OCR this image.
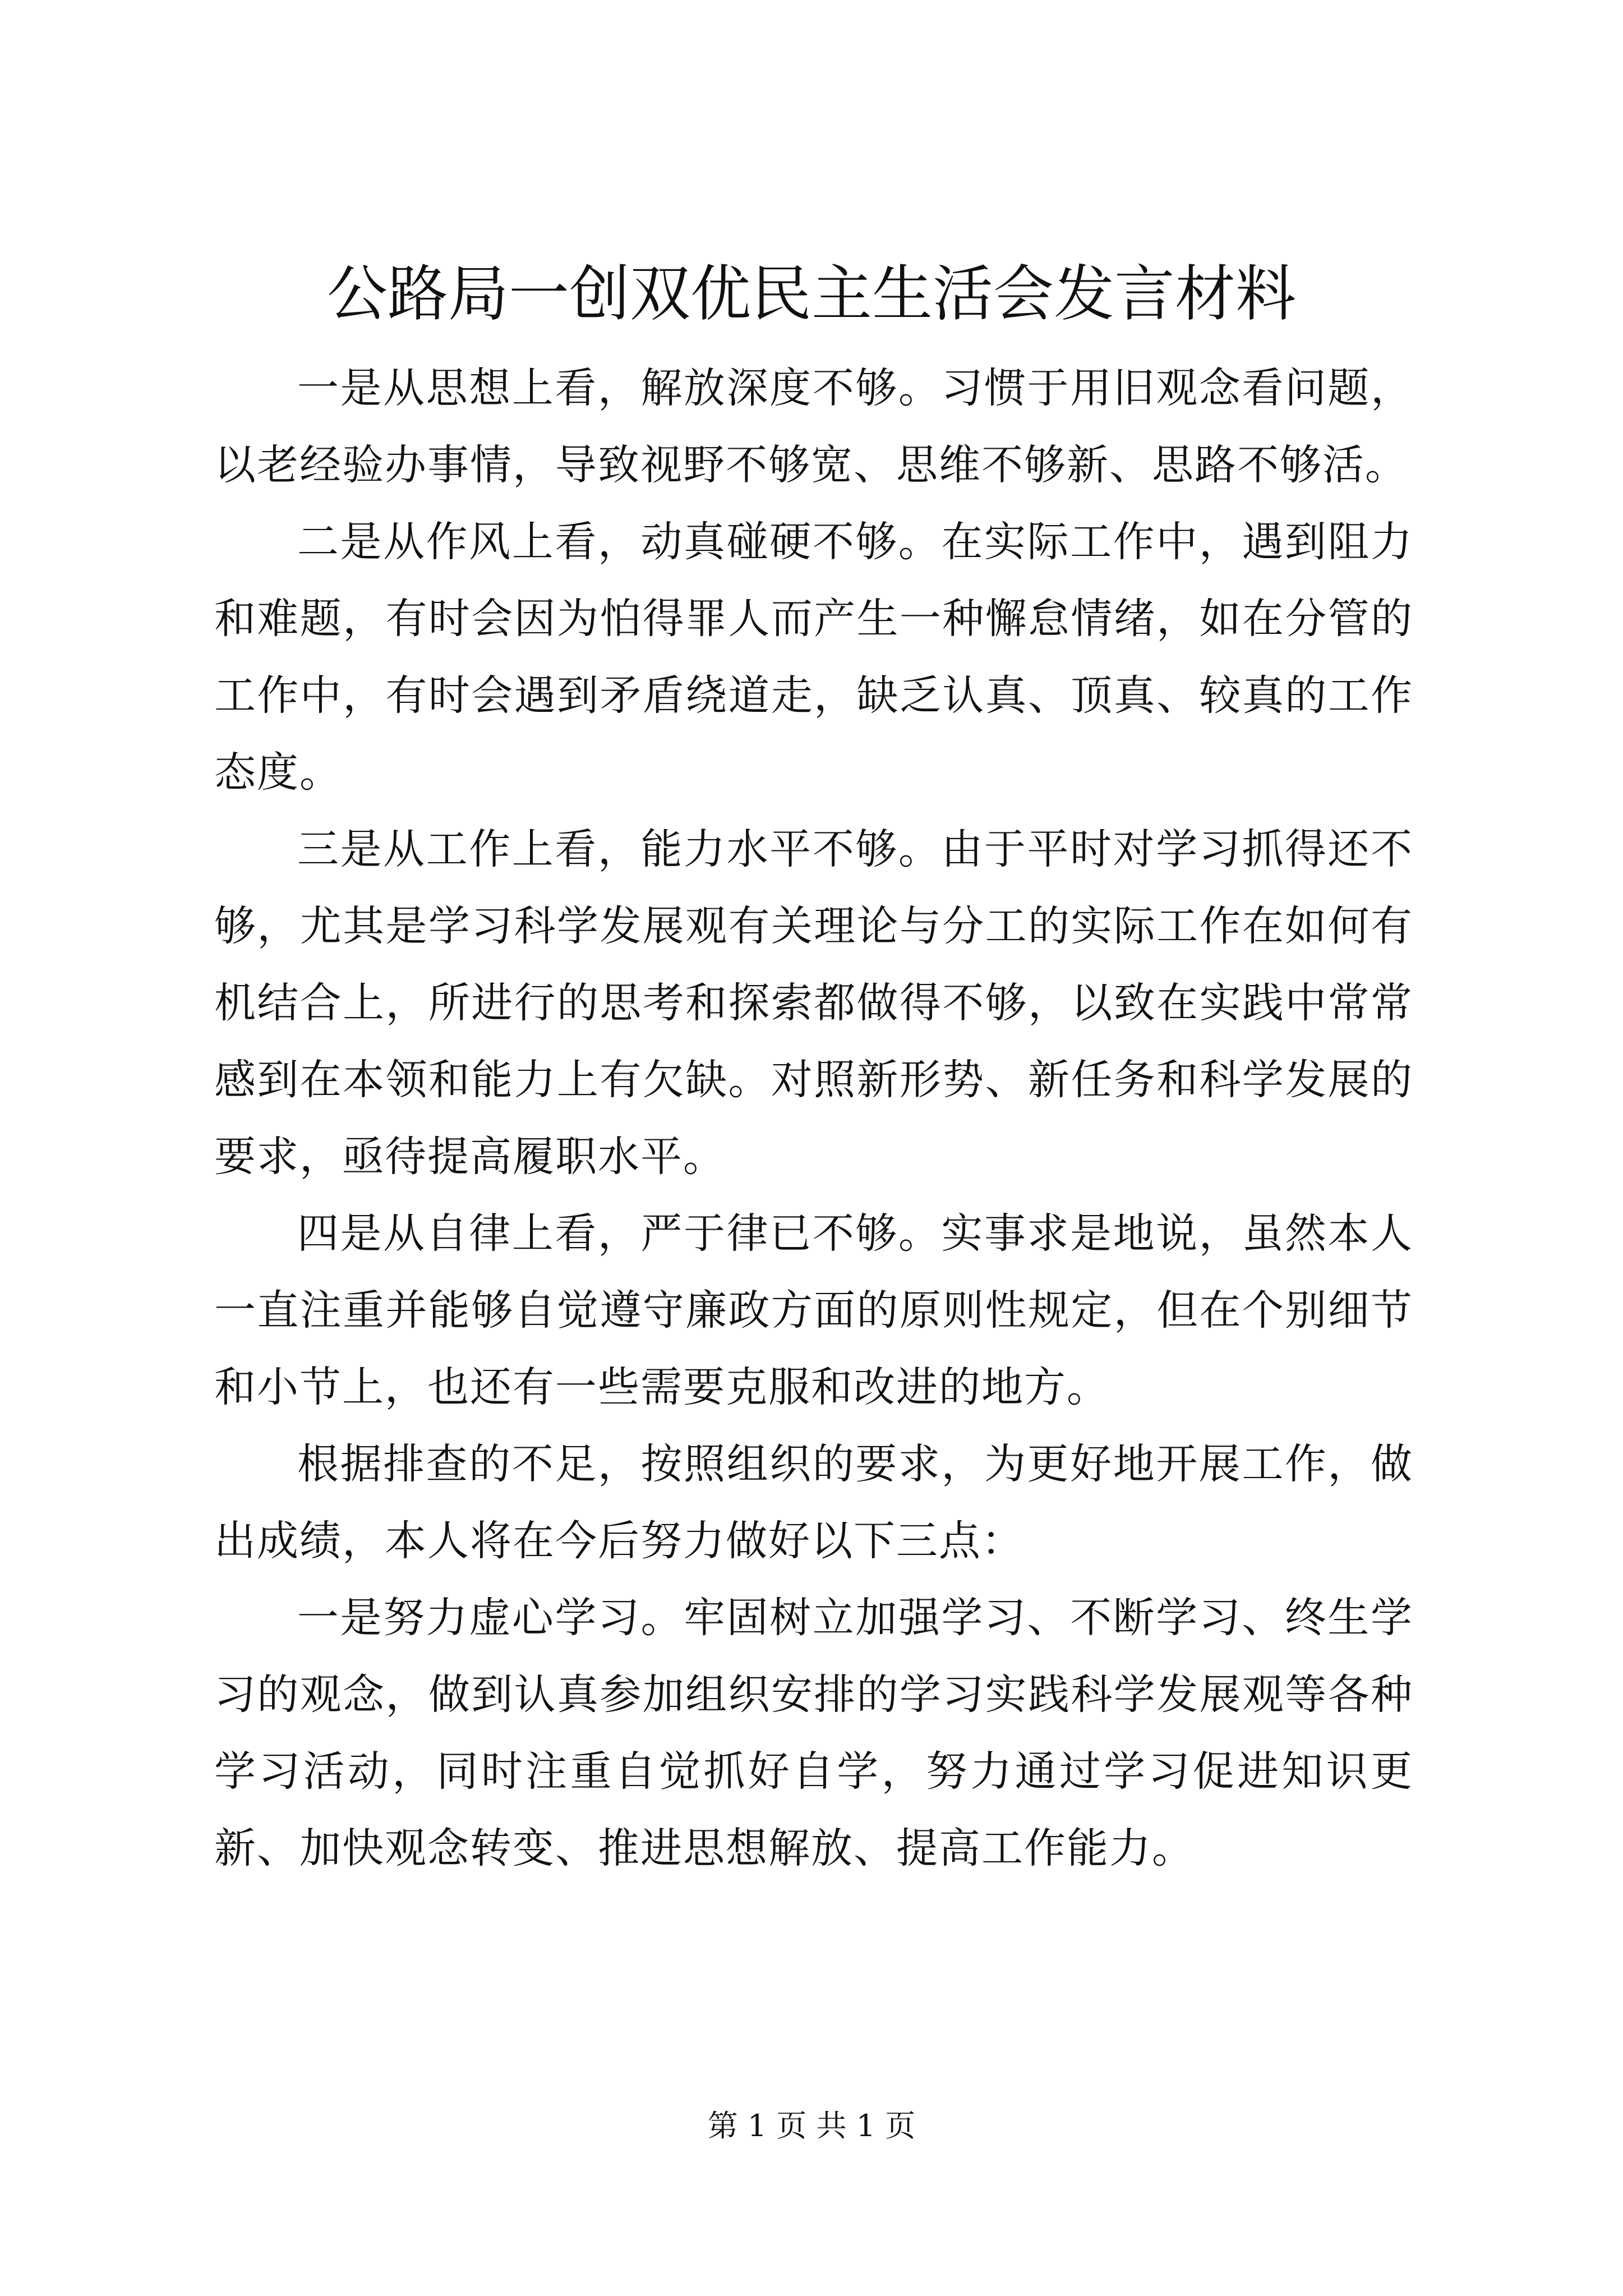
公路局一创双优民主生活会发言材料

一是从思想上看，解放深度不够。习惯于用旧观念看问题，以老经验办事情，导致视野不够宽、思维不够新、思路不够活。

二是从作风上看，动真碰硬不够。在实际工作中，遇到阻力和难题，有时会因为怕得罪人而产生一种懈怠情绪，如在分管的工作中，有时会遇到矛盾绕道走，缺乏认真、顶真、较真的工作态度。

三是从工作上看，能力水平不够。由于平时对学习抓得还不够，尤其是学习科学发展观有关理论与分工的实际工作在如何有机结合上，所进行的思考和探索都做得不够，以致在实践中常常感到在本领和能力上有欠缺。对照新形势、新任务和科学发展的要求，亟待提高履职水平。

四是从自律上看，严于律已不够。实事求是地说，虽然本人一直注重并能够自觉遵守廉政方面的原则性规定，但在个别细节和小节上，也还有一些需要克服和改进的地方。

根据排查的不足，按照组织的要求，为更好地开展工作，做出成绩，本人将在今后努力做好以下三点：

一是努力虚心学习。牢固树立加强学习、不断学习、终生学习的观念，做到认真参加组织安排的学习实践科学发展观等各种学习活动，同时注重自觉抓好自学，努力通过学习促进知识更新、加快观念转变、推进思想解放、提高工作能力。

第 1 页 共 1 页
